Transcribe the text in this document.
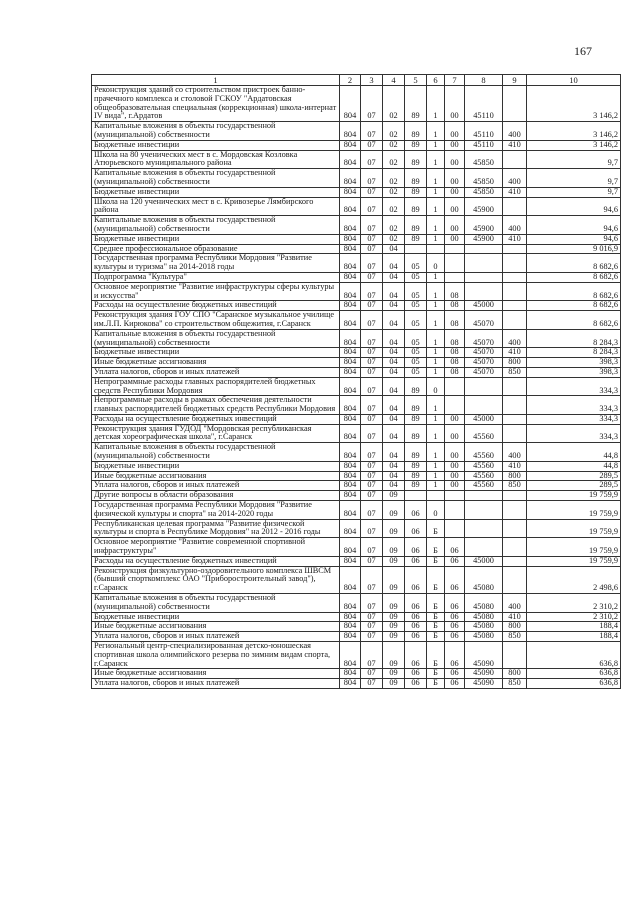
167
1	2	3	4	5	6	7	8	9	10
Реконструкция зданий со строительством пристроек банно-прачечного комплекса и столовой ГСКОУ "Ардатовская общеобразовательная специальная (коррекционная) школа-интернат IV вида", г.Ардатов	804	07	02	89	1	00	45110		3 146,2
Капитальные вложения в объекты государственной (муниципальной) собственности	804	07	02	89	1	00	45110	400	3 146,2
Бюджетные инвестиции	804	07	02	89	1	00	45110	410	3 146,2
Школа на 80 ученических мест в с. Мордовская Козловка Атюрьевского муниципального района	804	07	02	89	1	00	45850		9,7
Капитальные вложения в объекты государственной (муниципальной) собственности	804	07	02	89	1	00	45850	400	9,7
Бюджетные инвестиции	804	07	02	89	1	00	45850	410	9,7
Школа на 120 ученических мест в с. Кривозерье Лямбирского района	804	07	02	89	1	00	45900		94,6
Капитальные вложения в объекты государственной (муниципальной) собственности	804	07	02	89	1	00	45900	400	94,6
Бюджетные инвестиции	804	07	02	89	1	00	45900	410	94,6
Среднее профессиональное образование	804	07	04						9 016,9
Государственная программа Республики Мордовия "Развитие культуры и туризма" на 2014-2018 годы	804	07	04	05	0				8 682,6
Подпрограмма "Культура"	804	07	04	05	1				8 682,6
Основное мероприятие "Развитие инфраструктуры сферы культуры и искусства"	804	07	04	05	1	08			8 682,6
Расходы на осуществление бюджетных инвестиций	804	07	04	05	1	08	45000		8 682,6
Реконструкция здания ГОУ СПО "Саранское музыкальное училище им.Л.П. Кирюкова" со строительством общежития, г.Саранск	804	07	04	05	1	08	45070		8 682,6
Капитальные вложения в объекты государственной (муниципальной) собственности	804	07	04	05	1	08	45070	400	8 284,3
Бюджетные инвестиции	804	07	04	05	1	08	45070	410	8 284,3
Иные бюджетные ассигнования	804	07	04	05	1	08	45070	800	398,3
Уплата налогов, сборов и иных платежей	804	07	04	05	1	08	45070	850	398,3
Непрограммные расходы главных распорядителей бюджетных средств Республики Мордовия	804	07	04	89	0				334,3
Непрограммные расходы в рамках обеспечения деятельности главных распорядителей бюджетных средств Республики Мордовия	804	07	04	89	1				334,3
Расходы на осуществление бюджетных инвестиций	804	07	04	89	1	00	45000		334,3
Реконструкция здания ГУДОД "Мордовская республиканская детская хореографическая школа", г.Саранск	804	07	04	89	1	00	45560		334,3
Капитальные вложения в объекты государственной (муниципальной) собственности	804	07	04	89	1	00	45560	400	44,8
Бюджетные инвестиции	804	07	04	89	1	00	45560	410	44,8
Иные бюджетные ассигнования	804	07	04	89	1	00	45560	800	289,5
Уплата налогов, сборов и иных платежей	804	07	04	89	1	00	45560	850	289,5
Другие вопросы в области образования	804	07	09						19 759,9
Государственная программа Республики Мордовия "Развитие физической культуры и спорта" на 2014-2020 годы	804	07	09	06	0				19 759,9
Республиканская целевая программа "Развитие физической культуры и спорта в Республике Мордовия" на 2012 - 2016 годы	804	07	09	06	Б				19 759,9
Основное мероприятие "Развитие современной спортивной инфраструктуры"	804	07	09	06	Б	06			19 759,9
Расходы на осуществление бюджетных инвестиций	804	07	09	06	Б	06	45000		19 759,9
Реконструкция физкультурно-оздоровительного комплекса ШВСМ (бывший спорткомплекс ОАО "Приборостроительный завод"), г.Саранск	804	07	09	06	Б	06	45080		2 498,6
Капитальные вложения в объекты государственной (муниципальной) собственности	804	07	09	06	Б	06	45080	400	2 310,2
Бюджетные инвестиции	804	07	09	06	Б	06	45080	410	2 310,2
Иные бюджетные ассигнования	804	07	09	06	Б	06	45080	800	188,4
Уплата налогов, сборов и иных платежей	804	07	09	06	Б	06	45080	850	188,4
Региональный центр-специализированная детско-юношеская спортивная школа олимпийского резерва по зимним видам спорта, г.Саранск	804	07	09	06	Б	06	45090		636,8
Иные бюджетные ассигнования	804	07	09	06	Б	06	45090	800	636,8
Уплата налогов, сборов и иных платежей	804	07	09	06	Б	06	45090	850	636,8
